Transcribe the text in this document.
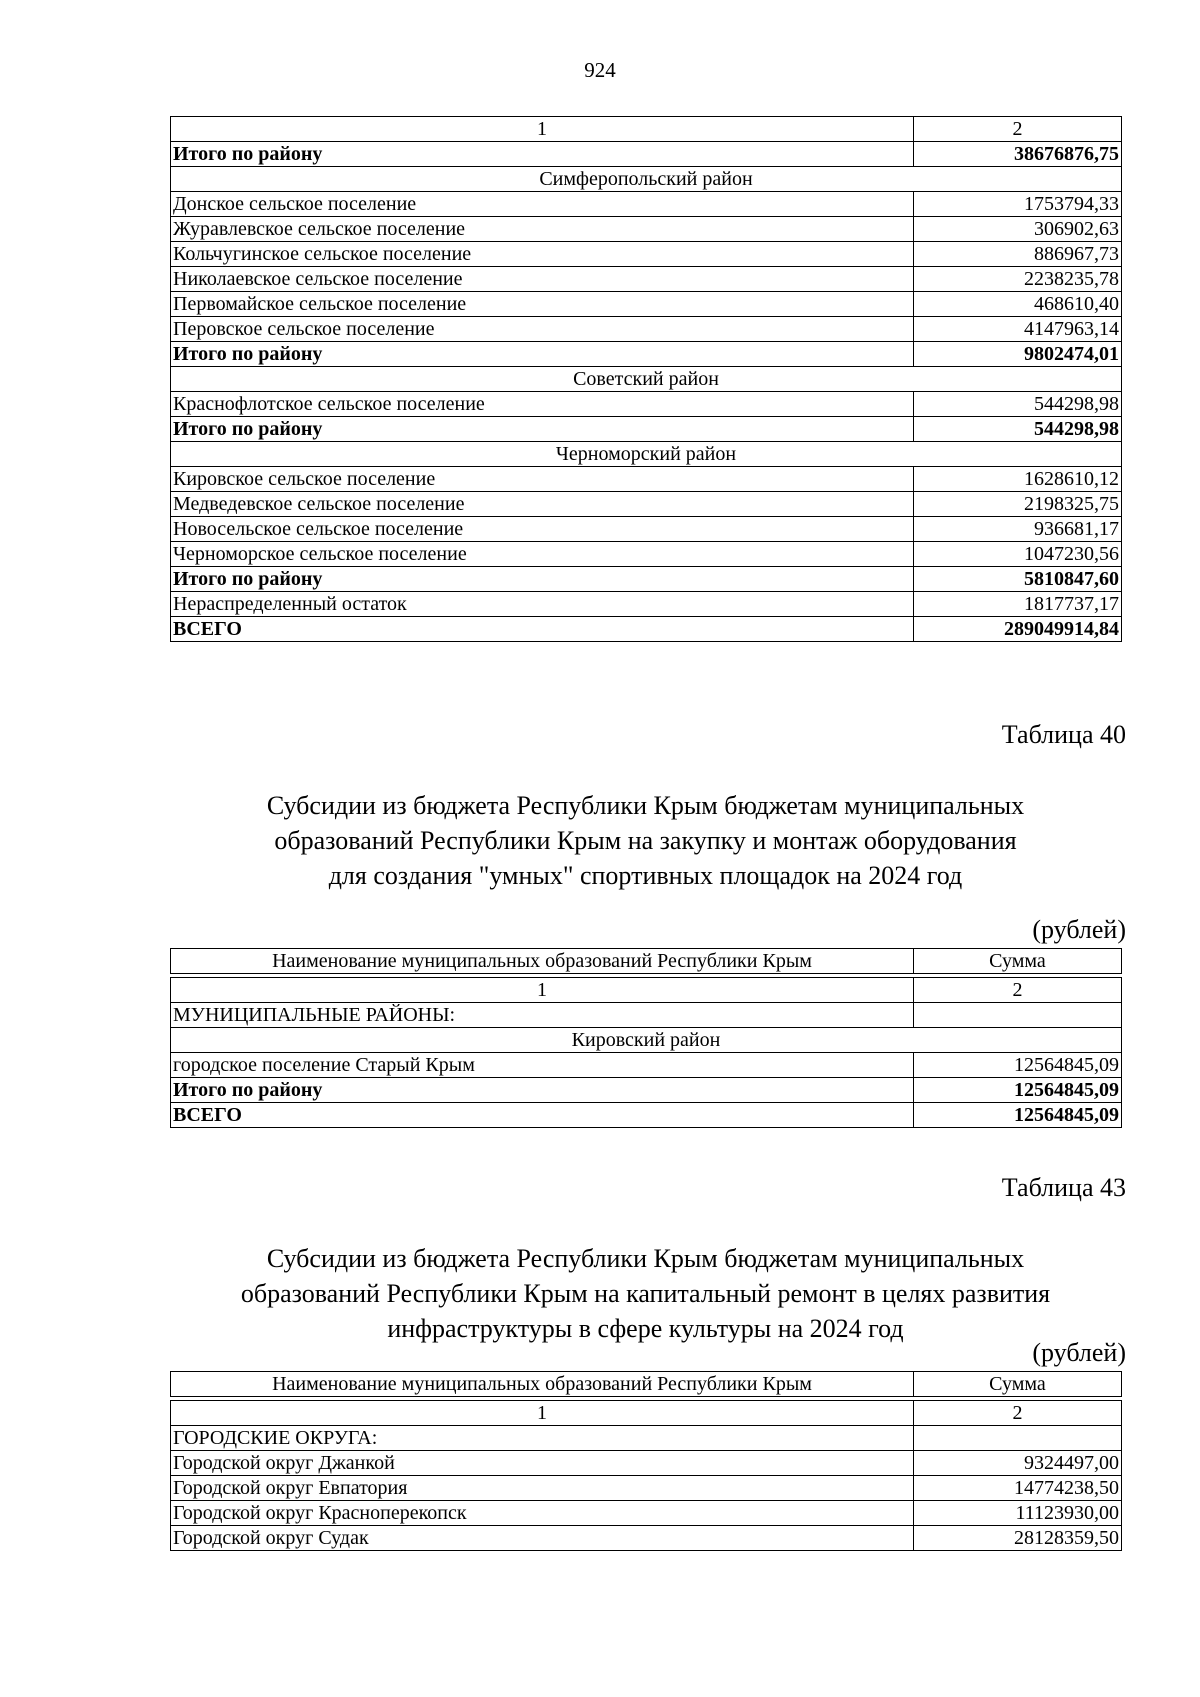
924
1	2
Итого по району	38676876,75
Симферопольский район	
Донское сельское поселение	1753794,33
Журавлевское сельское поселение	306902,63
Кольчугинское сельское поселение	886967,73
Николаевское сельское поселение	2238235,78
Первомайское сельское поселение	468610,40
Перовское сельское поселение	4147963,14
Итого по району	9802474,01
Советский район	
Краснофлотское сельское поселение	544298,98
Итого по району	544298,98
Черноморский район	
Кировское сельское поселение	1628610,12
Медведевское сельское поселение	2198325,75
Новосельское сельское поселение	936681,17
Черноморское сельское поселение	1047230,56
Итого по району	5810847,60
Нераспределенный остаток	1817737,17
ВСЕГО	289049914,84
Таблица 40
Субсидии из бюджета Республики Крым бюджетам муниципальных
образований Республики Крым на закупку и монтаж оборудования
для создания "умных" спортивных площадок на 2024 год
(рублей)
Наименование муниципальных образований Республики Крым	Сумма

1	2
МУНИЦИПАЛЬНЫЕ РАЙОНЫ:	
Кировский район	
городское поселение Старый Крым	12564845,09
Итого по району	12564845,09
ВСЕГО	12564845,09
Таблица 43
Субсидии из бюджета Республики Крым бюджетам муниципальных
образований Республики Крым на капитальный ремонт в целях развития
инфраструктуры в сфере культуры на 2024 год
(рублей)
Наименование муниципальных образований Республики Крым	Сумма

1	2
ГОРОДСКИЕ ОКРУГА:	
Городской округ Джанкой	9324497,00
Городской округ Евпатория	14774238,50
Городской округ Красноперекопск	11123930,00
Городской округ Судак	28128359,50
